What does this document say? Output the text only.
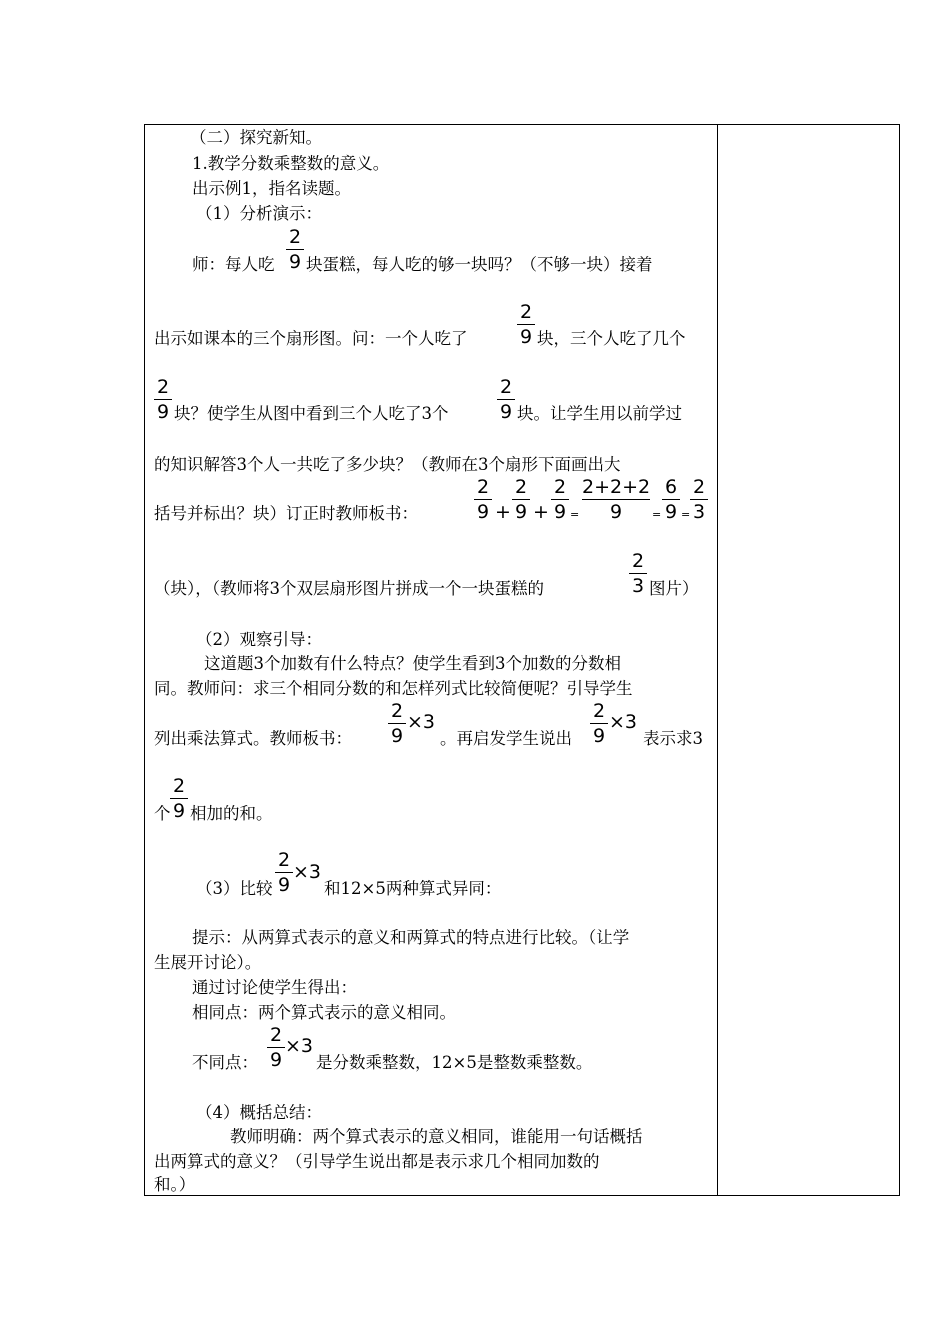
（二）探究新知。
1.教学分数乘整数的意义。
出示例1，指名读题。
（1）分析演示：
师：每人吃
2
9 块蛋糕，每人吃的够一块吗？（不够一块）接着
出示如课本的三个扇形图。问：一个人吃了
2
9 块，三个人吃了几个
2
9 块？使学生从图中看到三个人吃了3个
2
9 块。让学生用以前学过
的知识解答3个人一共吃了多少块？（教师在3个扇形下面画出大
括号并标出？块）订正时教师板书：
2
9 +
2
9 +
2
9 =
2+2+2
9	=
6
9 =
2
3
（块），（教师将3个双层扇形图片拼成一个一块蛋糕的
2
3 图片）
（2）观察引导：
这道题3个加数有什么特点？使学生看到3个加数的分数相
同。教师问：求三个相同分数的和怎样列式比较简便呢？引导学生
列出乘法算式。教师板书：
2
9
×3
。再启发学生说出
2
9
×3
表示求3
个
2
9 相加的和。
（3）比较
2
9
×3
和12×5两种算式异同：
提示：从两算式表示的意义和两算式的特点进行比较。（让学
生展开讨论）。
通过讨论使学生得出：
相同点：两个算式表示的意义相同。
不同点：
2
9
×3
是分数乘整数，12×5是整数乘整数。
（4）概括总结：
教师明确：两个算式表示的意义相同，谁能用一句话概括
出两算式的意义？（引导学生说出都是表示求几个相同加数的
和。）
